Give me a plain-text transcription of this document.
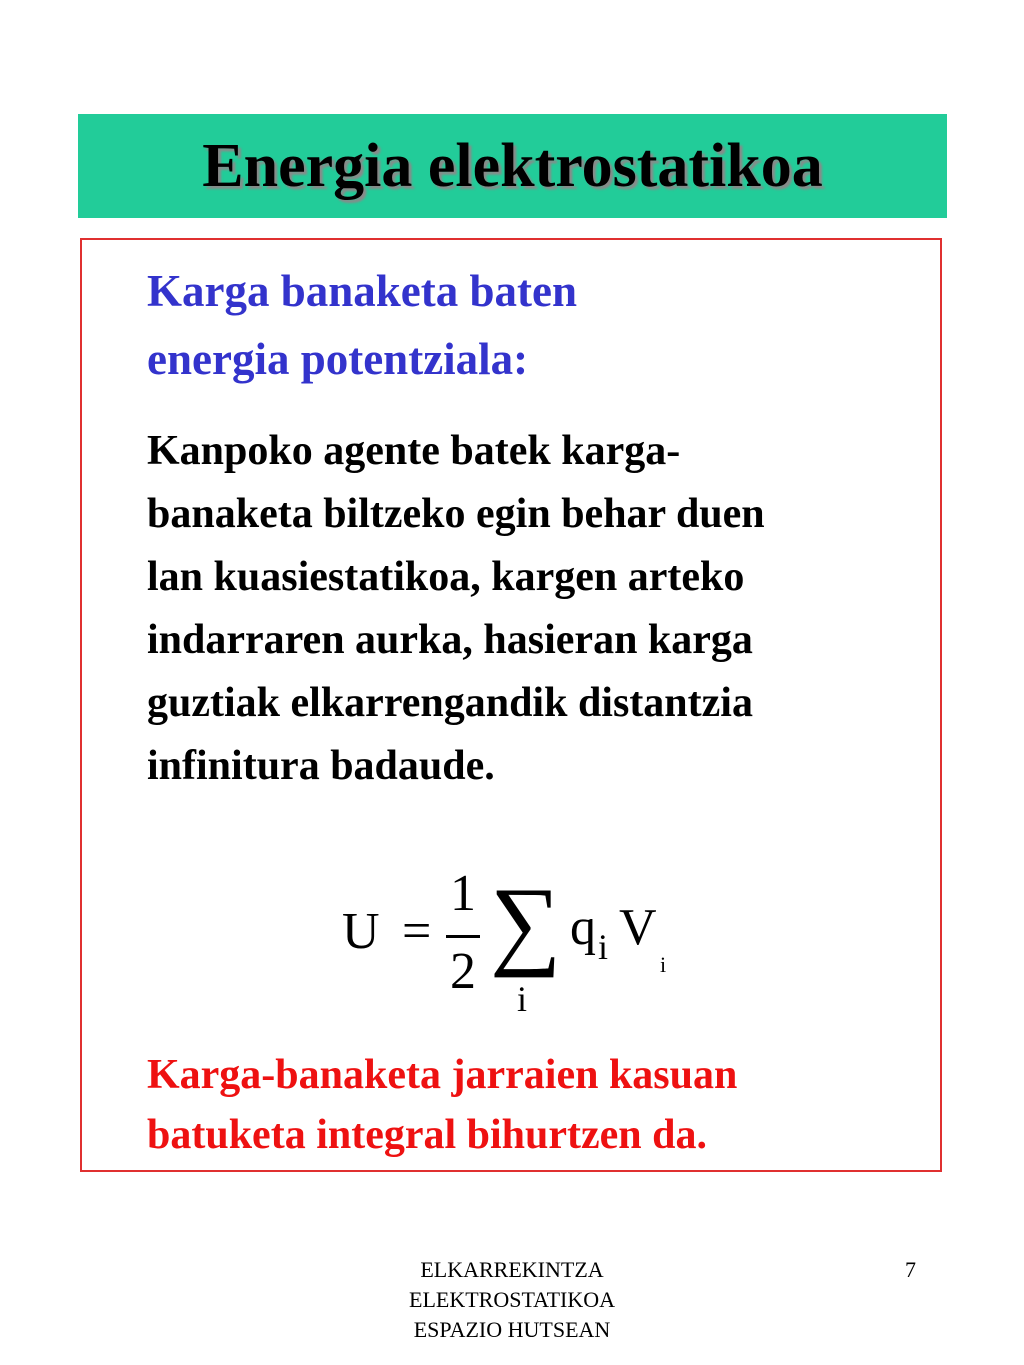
Energia elektrostatikoa
Karga banaketa baten
energia potentziala:
Kanpoko agente batek karga-
banaketa biltzeko egin behar duen
lan kuasiestatikoa, kargen arteko
indarraren aurka, hasieran karga
guztiak elkarrengandik distantzia
infinitura badaude.
U =
1
2 ∑
i
q i V
i
Karga-banaketa jarraien kasuan
batuketa integral bihurtzen da.
ELKARREKINTZA
ELEKTROSTATIKOA
ESPAZIO HUTSEAN
7
